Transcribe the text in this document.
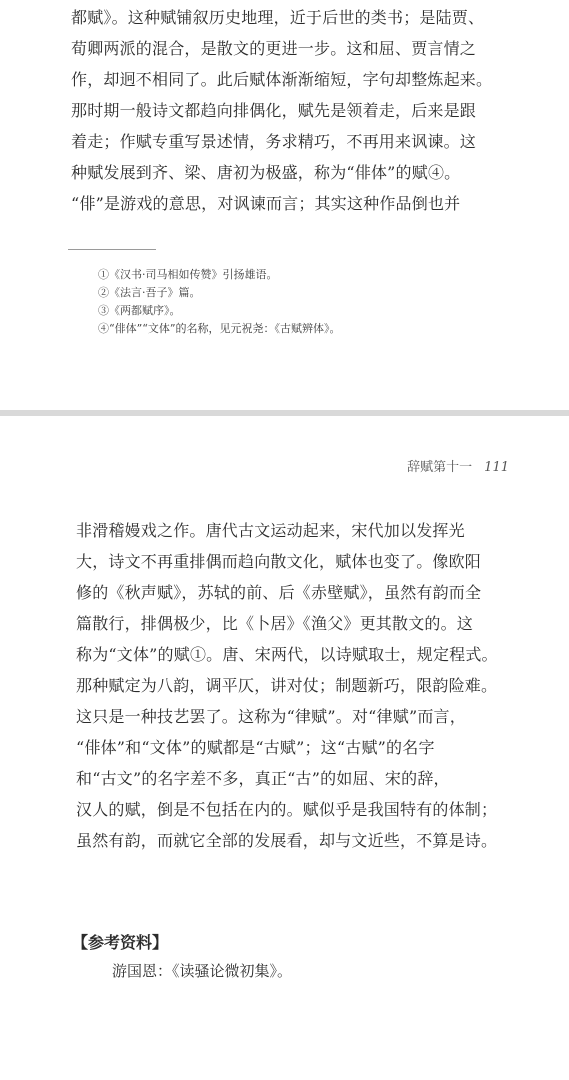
都赋》。这种赋铺叙历史地理，近于后世的类书；是陆贾、
荀卿两派的混合，是散文的更进一步。这和屈、贾言情之
作，却迥不相同了。此后赋体渐渐缩短，字句却整炼起来。
那时期一般诗文都趋向排偶化，赋先是领着走，后来是跟
着走；作赋专重写景述情，务求精巧，不再用来讽谏。这
种赋发展到齐、梁、唐初为极盛，称为“俳体”的赋④。
“俳”是游戏的意思，对讽谏而言；其实这种作品倒也并
①《汉书·司马相如传赞》引扬雄语。
②《法言·吾子》篇。
③《两都赋序》。
④“俳体”“文体”的名称，见元祝尧：《古赋辨体》。
辞赋第十一 111
非滑稽嫚戏之作。唐代古文运动起来，宋代加以发挥光
大，诗文不再重排偶而趋向散文化，赋体也变了。像欧阳
修的《秋声赋》，苏轼的前、后《赤壁赋》，虽然有韵而全
篇散行，排偶极少，比《卜居》《渔父》更其散文的。这
称为“文体”的赋①。唐、宋两代，以诗赋取士，规定程式。
那种赋定为八韵，调平仄，讲对仗；制题新巧，限韵险难。
这只是一种技艺罢了。这称为“律赋”。对“律赋”而言，
“俳体”和“文体”的赋都是“古赋”；这“古赋”的名字
和“古文”的名字差不多，真正“古”的如屈、宋的辞，
汉人的赋，倒是不包括在内的。赋似乎是我国特有的体制；
虽然有韵，而就它全部的发展看，却与文近些，不算是诗。
【参考资料】
游国恩：《读骚论微初集》。
